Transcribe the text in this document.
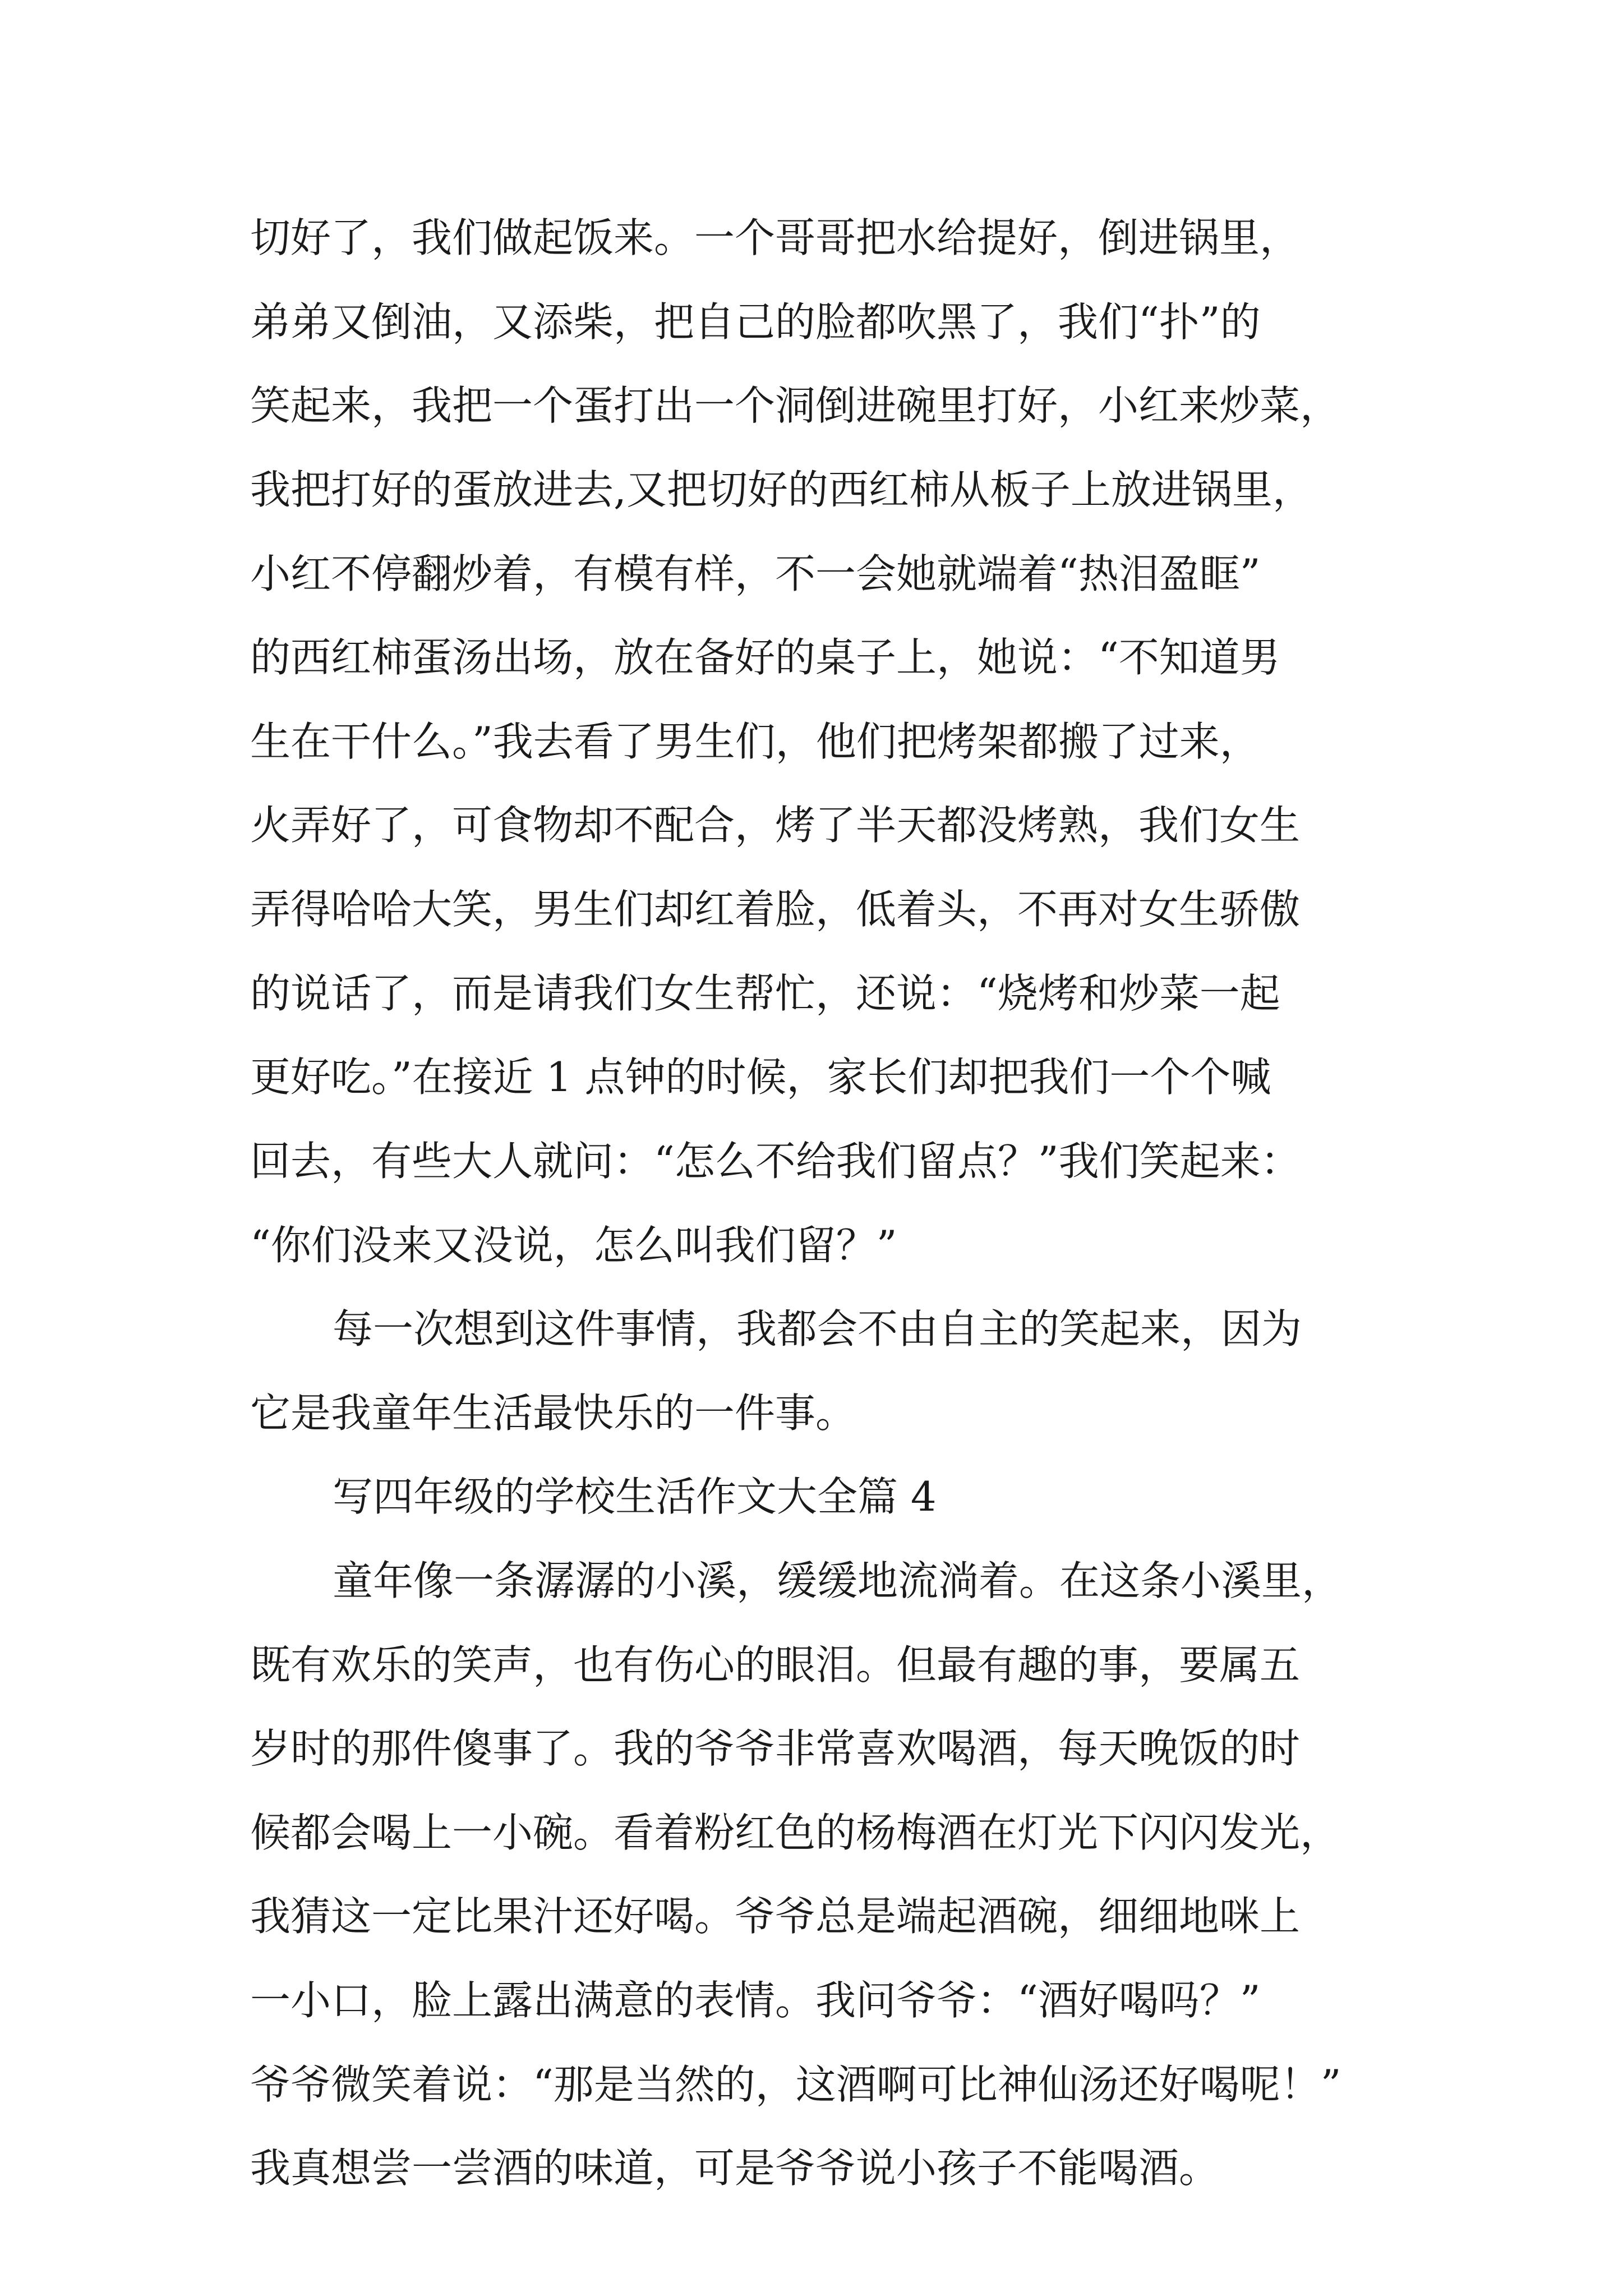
切好了，我们做起饭来。一个哥哥把水给提好，倒进锅里，
弟弟又倒油，又添柴，把自己的脸都吹黑了，我们“扑”的
笑起来，我把一个蛋打出一个洞倒进碗里打好，小红来炒菜，
我把打好的蛋放进去,又把切好的西红柿从板子上放进锅里，
小红不停翻炒着，有模有样，不一会她就端着“热泪盈眶”
的西红柿蛋汤出场，放在备好的桌子上，她说：“不知道男
生在干什么。”我去看了男生们，他们把烤架都搬了过来，
火弄好了，可食物却不配合，烤了半天都没烤熟，我们女生
弄得哈哈大笑，男生们却红着脸，低着头，不再对女生骄傲
的说话了，而是请我们女生帮忙，还说：“烧烤和炒菜一起
更好吃。”在接近 1 点钟的时候，家长们却把我们一个个喊
回去，有些大人就问：“怎么不给我们留点？”我们笑起来：
“你们没来又没说，怎么叫我们留？”
每一次想到这件事情，我都会不由自主的笑起来，因为
它是我童年生活最快乐的一件事。
写四年级的学校生活作文大全篇 4
童年像一条潺潺的小溪，缓缓地流淌着。在这条小溪里，
既有欢乐的笑声，也有伤心的眼泪。但最有趣的事，要属五
岁时的那件傻事了。我的爷爷非常喜欢喝酒，每天晚饭的时
候都会喝上一小碗。看着粉红色的杨梅酒在灯光下闪闪发光，
我猜这一定比果汁还好喝。爷爷总是端起酒碗，细细地咪上
一小口，脸上露出满意的表情。我问爷爷：“酒好喝吗？”
爷爷微笑着说：“那是当然的，这酒啊可比神仙汤还好喝呢！”
我真想尝一尝酒的味道，可是爷爷说小孩子不能喝酒。
